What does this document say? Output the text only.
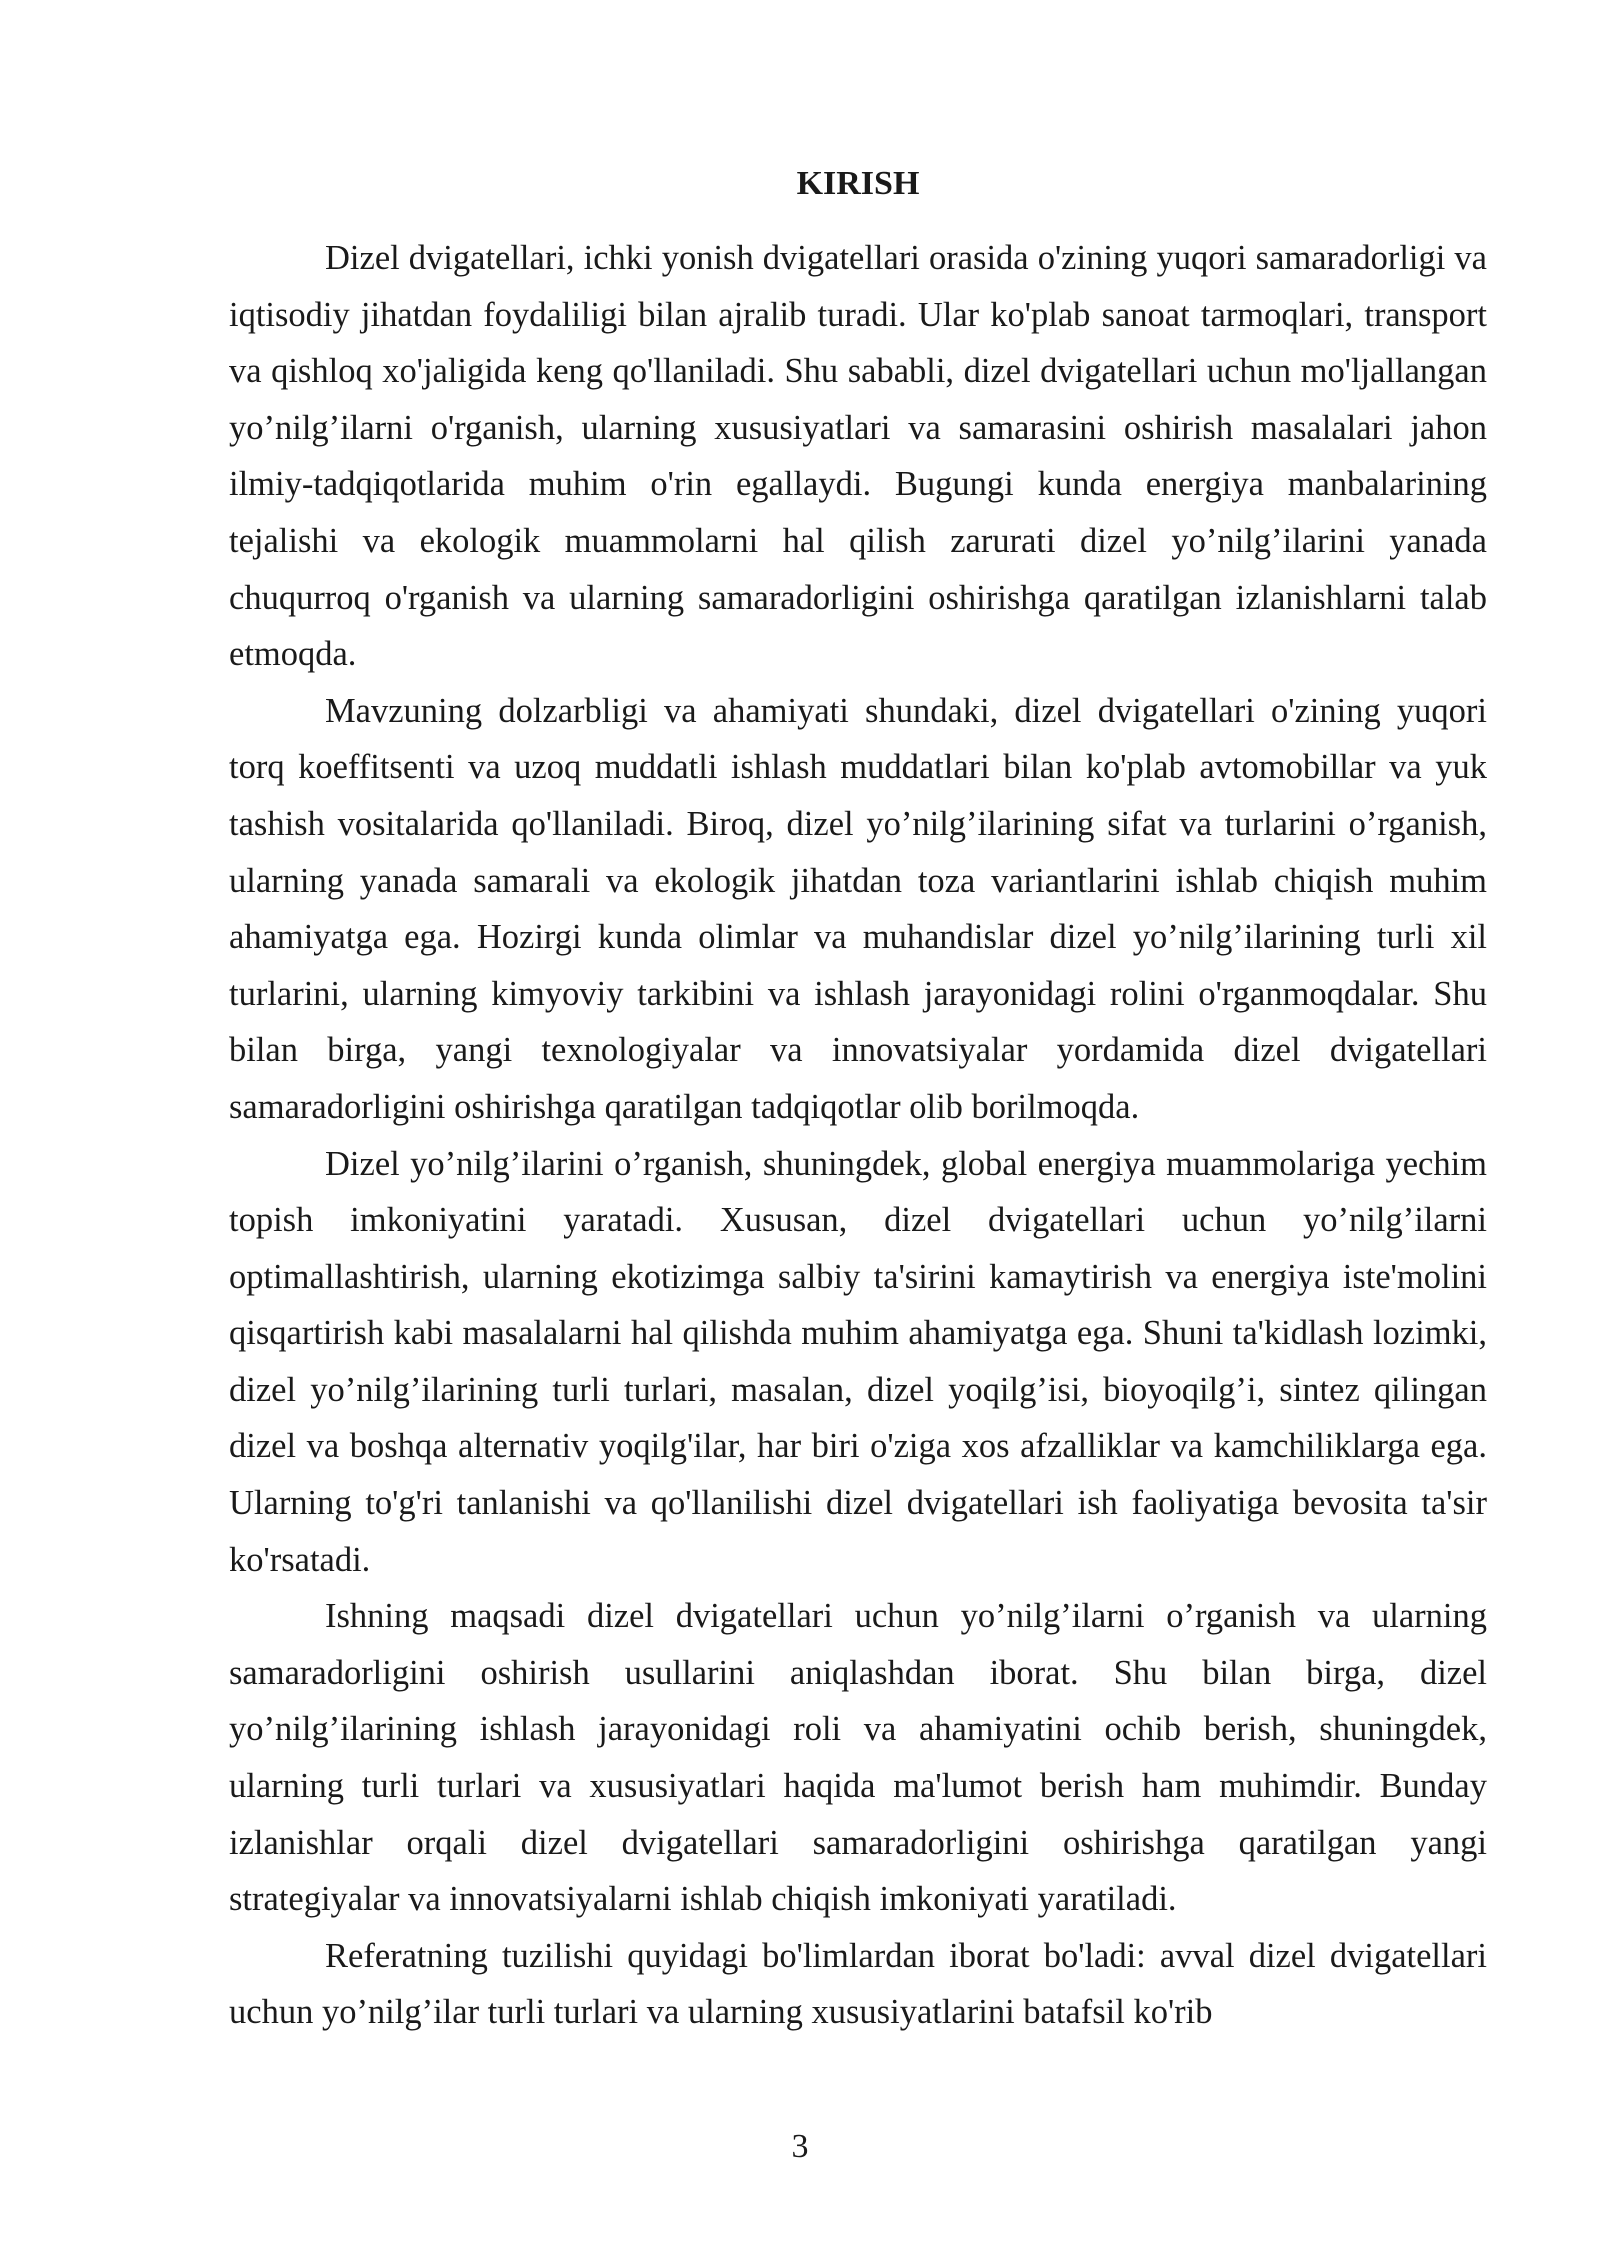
KIRISH

Dizel dvigatellari, ichki yonish dvigatellari orasida o'zining yuqori samaradorligi va iqtisodiy jihatdan foydaliligi bilan ajralib turadi. Ular ko'plab sanoat tarmoqlari, transport va qishloq xo'jaligida keng qo'llaniladi. Shu sababli, dizel dvigatellari uchun mo'ljallangan yo’nilg’ilarni o'rganish, ularning xususiyatlari va samarasini oshirish masalalari jahon ilmiy-tadqiqotlarida muhim o'rin egallaydi. Bugungi kunda energiya manbalarining tejalishi va ekologik muammolarni hal qilish zarurati dizel yo’nilg’ilarini yanada chuqurroq o'rganish va ularning samaradorligini oshirishga qaratilgan izlanishlarni talab etmoqda.

Mavzuning dolzarbligi va ahamiyati shundaki, dizel dvigatellari o'zining yuqori torq koeffitsenti va uzoq muddatli ishlash muddatlari bilan ko'plab avtomobillar va yuk tashish vositalarida qo'llaniladi. Biroq, dizel yo’nilg’ilarining sifat va turlarini o’rganish, ularning yanada samarali va ekologik jihatdan toza variantlarini ishlab chiqish muhim ahamiyatga ega. Hozirgi kunda olimlar va muhandislar dizel yo’nilg’ilarining turli xil turlarini, ularning kimyoviy tarkibini va ishlash jarayonidagi rolini o'rganmoqdalar. Shu bilan birga, yangi texnologiyalar va innovatsiyalar yordamida dizel dvigatellari samaradorligini oshirishga qaratilgan tadqiqotlar olib borilmoqda.

Dizel yo’nilg’ilarini o’rganish, shuningdek, global energiya muammolariga yechim topish imkoniyatini yaratadi. Xususan, dizel dvigatellari uchun yo’nilg’ilarni optimallashtirish, ularning ekotizimga salbiy ta'sirini kamaytirish va energiya iste'molini qisqartirish kabi masalalarni hal qilishda muhim ahamiyatga ega. Shuni ta'kidlash lozimki, dizel yo’nilg’ilarining turli turlari, masalan, dizel yoqilg’isi, bioyoqilg’i, sintez qilingan dizel va boshqa alternativ yoqilg'ilar, har biri o'ziga xos afzalliklar va kamchiliklarga ega. Ularning to'g'ri tanlanishi va qo'llanilishi dizel dvigatellari ish faoliyatiga bevosita ta'sir ko'rsatadi.

Ishning maqsadi dizel dvigatellari uchun yo’nilg’ilarni o’rganish va ularning samaradorligini oshirish usullarini aniqlashdan iborat. Shu bilan birga, dizel yo’nilg’ilarining ishlash jarayonidagi roli va ahamiyatini ochib berish, shuningdek, ularning turli turlari va xususiyatlari haqida ma'lumot berish ham muhimdir. Bunday izlanishlar orqali dizel dvigatellari samaradorligini oshirishga qaratilgan yangi strategiyalar va innovatsiyalarni ishlab chiqish imkoniyati yaratiladi.

Referatning tuzilishi quyidagi bo'limlardan iborat bo'ladi: avval dizel dvigatellari uchun yo’nilg’ilar turli turlari va ularning xususiyatlarini batafsil ko'rib

3
